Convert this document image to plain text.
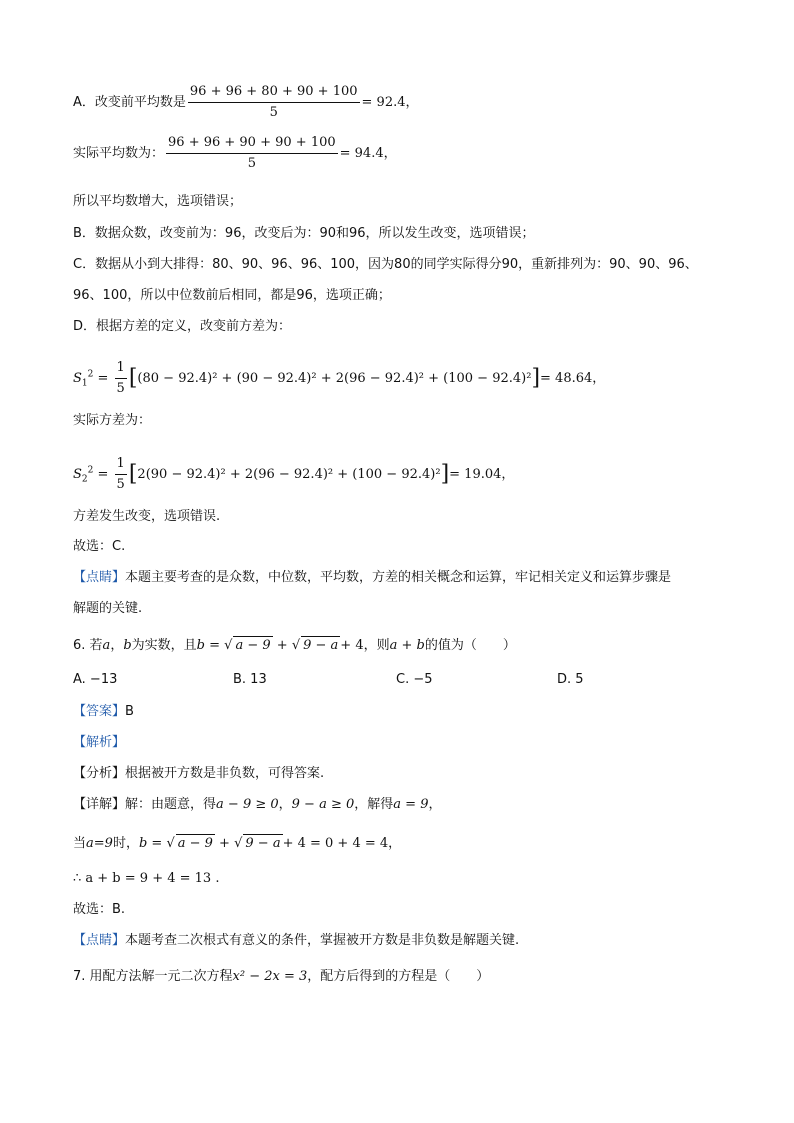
A．改变前平均数是 $\frac{96 + 96 + 80 + 90 + 100}{5} = 92.4$，
实际平均数为： $\frac{96 + 96 + 90 + 90 + 100}{5} = 94.4$，
所以平均数增大，选项错误；
B．数据众数，改变前为：96，改变后为：90和96，所以发生改变，选项错误；
C．数据从小到大排得：80、90、96、96、100，因为80的同学实际得分90，重新排列为：90、90、96、
96、100，所以中位数前后相同，都是96，选项正确；
D．根据方差的定义，改变前方差为：
$S_1^2 = \frac{1}{5} [(80 - 92.4)^2 + (90 - 92.4)^2 + 2(96 - 92.4)^2 + (100 - 92.4)^2]= 48.64$，
实际方差为：
$S_2^2 = \frac{1}{5} [2(90 - 92.4)^2 + 2(96 - 92.4)^2 + (100 - 92.4)^2]= 19.04$，
方差发生改变，选项错误.
故选：C.
【点睛】本题主要考查的是众数，中位数，平均数，方差的相关概念和运算，牢记相关定义和运算步骤是
解题的关键.
6. 若a，b为实数，且b = √ a − 9 + √ 9 − a + 4，则a + b的值为（　　）
A. −13	B. 13	C. −5	D. 5
【答案】B
【解析】
【分析】根据被开方数是非负数，可得答案.
【详解】解：由题意，得a − 9 ≥ 0，9 − a ≥ 0，解得a = 9，
当a=9时，b = √ a − 9 + √ 9 − a + 4 = 0 + 4 = 4，
∴ a + b = 9 + 4 = 13 .
故选：B.
【点睛】本题考查二次根式有意义的条件，掌握被开方数是非负数是解题关键.
7. 用配方法解一元二次方程x² − 2x = 3，配方后得到的方程是（　　）
